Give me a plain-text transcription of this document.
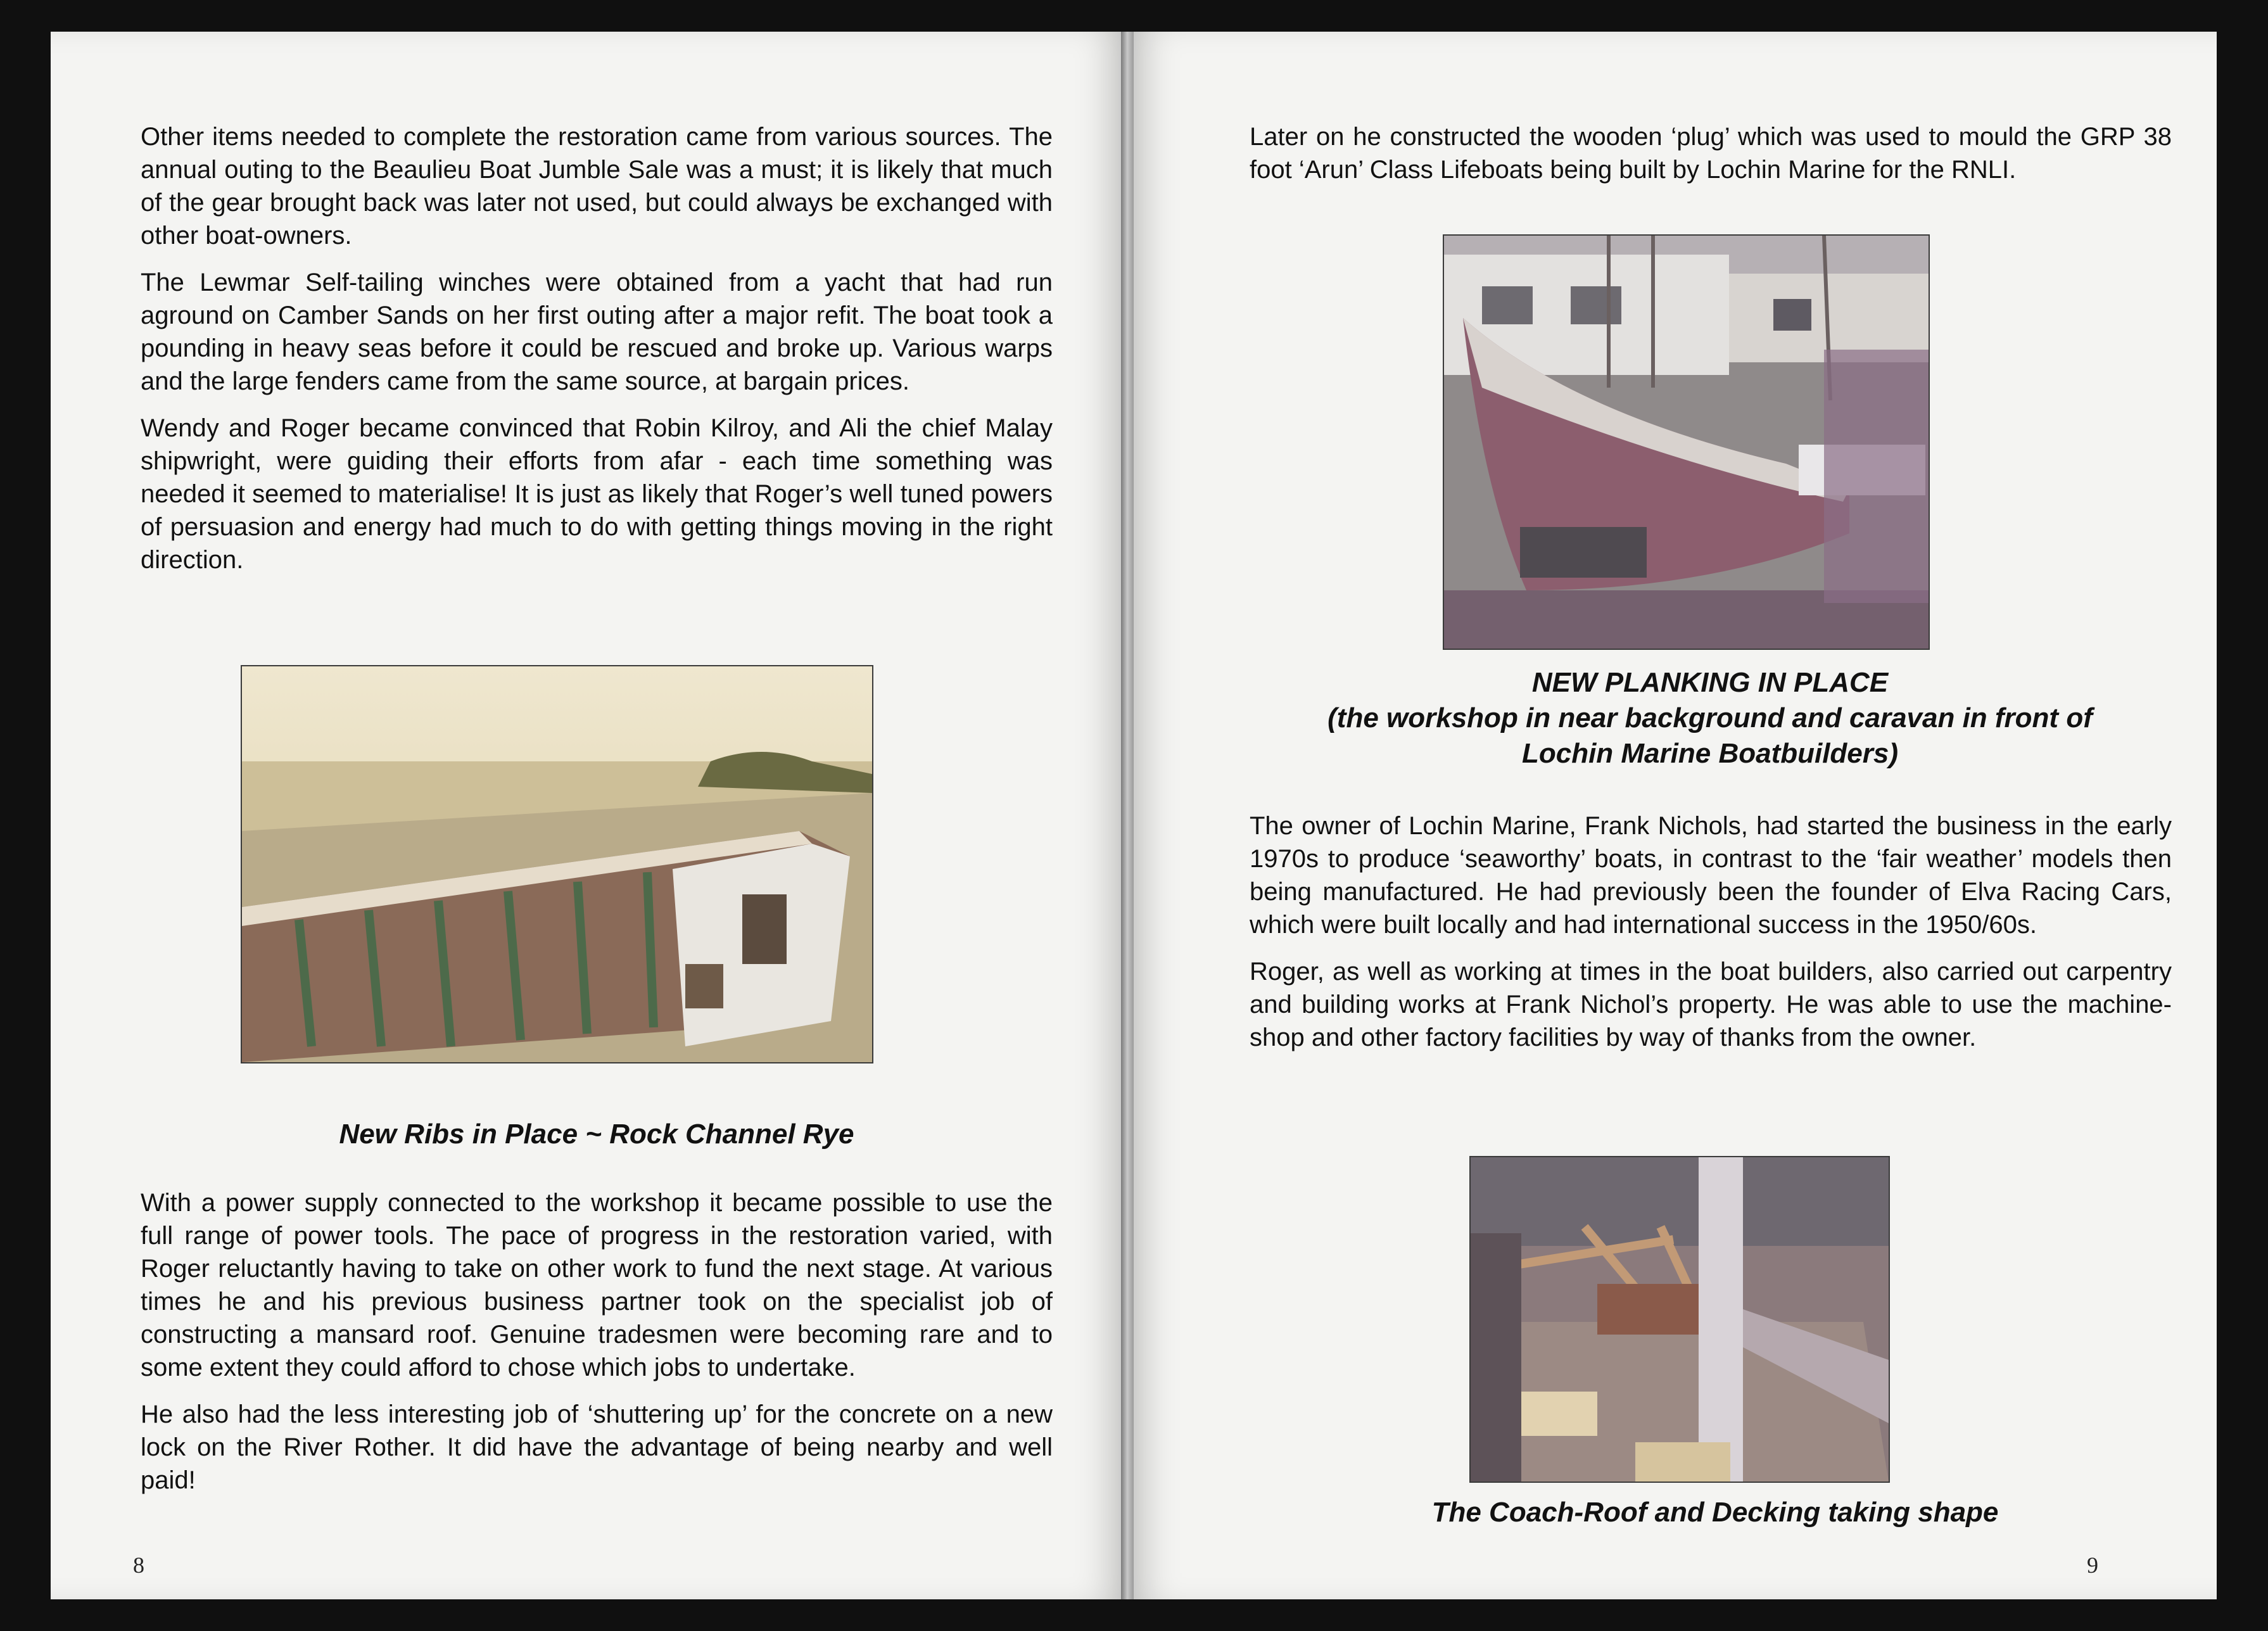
Other items needed to complete the restoration came from various sources. The annual outing to the Beaulieu Boat Jumble Sale was a must; it is likely that much of the gear brought back was later not used, but could always be exchanged with other boat-owners.

The Lewmar Self-tailing winches were obtained from a yacht that had run aground on Camber Sands on her first outing after a major refit. The boat took a pounding in heavy seas before it could be rescued and broke up. Various warps and the large fenders came from the same source, at bargain prices.

Wendy and Roger became convinced that Robin Kilroy, and Ali the chief Malay shipwright, were guiding their efforts from afar - each time something was needed it seemed to materialise! It is just as likely that Roger’s well tuned powers of persuasion and energy had much to do with getting things moving in the right direction.

New Ribs in Place ~ Rock Channel Rye

With a power supply connected to the workshop it became possible to use the full range of power tools. The pace of progress in the restoration varied, with Roger reluctantly having to take on other work to fund the next stage. At various times he and his previous business partner took on the specialist job of constructing a mansard roof. Genuine tradesmen were becoming rare and to some extent they could afford to chose which jobs to undertake.

He also had the less interesting job of ‘shuttering up’ for the concrete on a new lock on the River Rother. It did have the advantage of being nearby and well paid!

8

Later on he constructed the wooden ‘plug’ which was used to mould the GRP 38 foot ‘Arun’ Class Lifeboats being built by Lochin Marine for the RNLI.

NEW PLANKING IN PLACE
(the workshop in near background and caravan in front of
Lochin Marine Boatbuilders)

The owner of Lochin Marine, Frank Nichols, had started the business in the early 1970s to produce ‘seaworthy’ boats, in contrast to the ‘fair weather’ models then being manufactured. He had previously been the founder of Elva Racing Cars, which were built locally and had international success in the 1950/60s.

Roger, as well as working at times in the boat builders, also carried out carpentry and building works at Frank Nichol’s property. He was able to use the machine-shop and other factory facilities by way of thanks from the owner.

The Coach-Roof and Decking taking shape
9
